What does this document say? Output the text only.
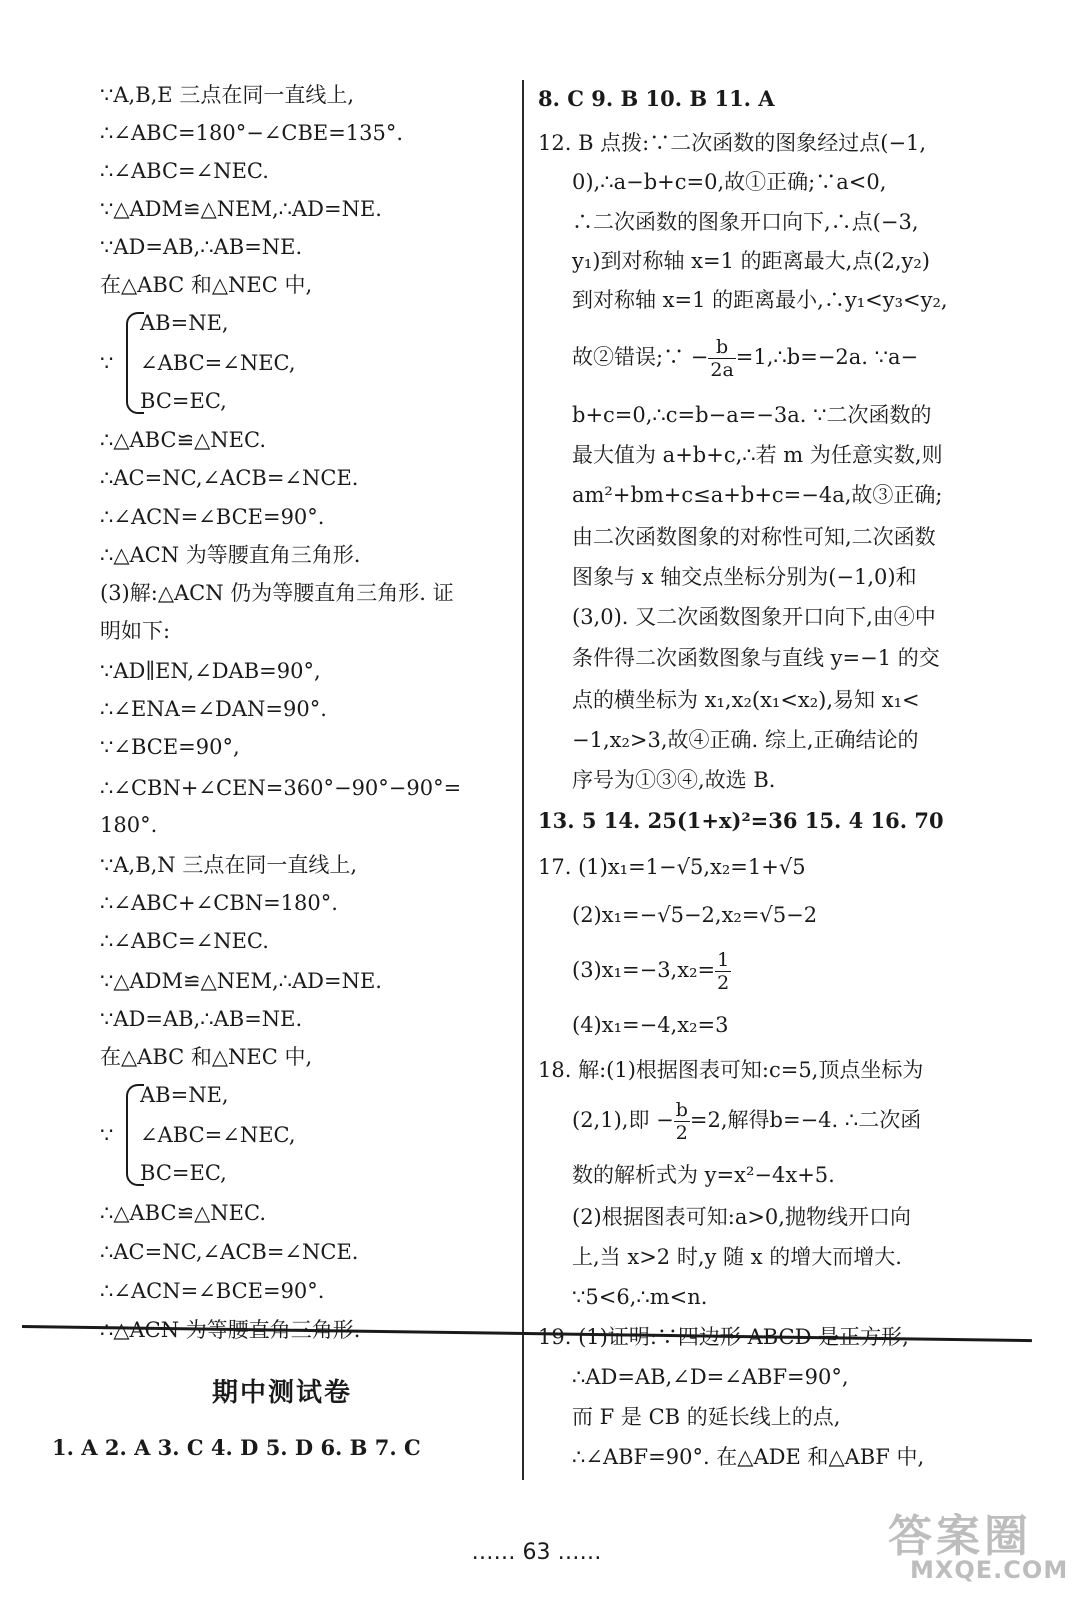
∵A,B,E 三点在同一直线上,
∴∠ABC=180°−∠CBE=135°.
∴∠ABC=∠NEC.
∵△ADM≌△NEM,∴AD=NE.
∵AD=AB,∴AB=NE.
在△ABC 和△NEC 中,
∵
AB=NE,
∠ABC=∠NEC,
BC=EC,
∴△ABC≌△NEC.
∴AC=NC,∠ACB=∠NCE.
∴∠ACN=∠BCE=90°.
∴△ACN 为等腰直角三角形.
(3)解:△ACN 仍为等腰直角三角形. 证
明如下:
∵AD∥EN,∠DAB=90°,
∴∠ENA=∠DAN=90°.
∵∠BCE=90°,
∴∠CBN+∠CEN=360°−90°−90°=
180°.
∵A,B,N 三点在同一直线上,
∴∠ABC+∠CBN=180°.
∴∠ABC=∠NEC.
∵△ADM≌△NEM,∴AD=NE.
∵AD=AB,∴AB=NE.
在△ABC 和△NEC 中,
∵
AB=NE,
∠ABC=∠NEC,
BC=EC,
∴△ABC≌△NEC.
∴AC=NC,∠ACB=∠NCE.
∴∠ACN=∠BCE=90°.
∴△ACN 为等腰直角三角形.
期中测试卷
1. A 2. A 3. C 4. D 5. D 6. B 7. C
8. C 9. B 10. B 11. A
12. B 点拨:∵二次函数的图象经过点(−1,
0),∴a−b+c=0,故①正确;∵a<0,
∴二次函数的图象开口向下,∴点(−3,
y₁)到对称轴 x=1 的距离最大,点(2,y₂)
到对称轴 x=1 的距离最小,∴y₁<y₃<y₂,
故②错误;∵ − $\frac{b}{2a}$ =1,∴b=−2a. ∵a−
b+c=0,∴c=b−a=−3a. ∵二次函数的
最大值为 a+b+c,∴若 m 为任意实数,则
am²+bm+c≤a+b+c=−4a,故③正确;
由二次函数图象的对称性可知,二次函数
图象与 x 轴交点坐标分别为(−1,0)和
(3,0). 又二次函数图象开口向下,由④中
条件得二次函数图象与直线 y=−1 的交
点的横坐标为 x₁,x₂(x₁<x₂),易知 x₁<
−1,x₂>3,故④正确. 综上,正确结论的
序号为①③④,故选 B.
13. 5 14. 25(1+x)²=36 15. 4 16. 70
17. (1)x₁=1−√5,x₂=1+√5
(2)x₁=−√5−2,x₂=√5−2
$(3)x_1=-3,x_2= \frac{1}{2}$
(4)x₁=−4,x₂=3
18. 解:(1)根据图表可知:c=5,顶点坐标为
(2,1),即 − $\frac{b}{2} =2$,解得b=−4. ∴二次函
数的解析式为 y=x²−4x+5.
(2)根据图表可知:a>0,抛物线开口向
上,当 x>2 时,y 随 x 的增大而增大.
∵5<6,∴m<n.
19. (1)证明:∵四边形 ABCD 是正方形,
∴AD=AB,∠D=∠ABF=90°,
而 F 是 CB 的延长线上的点,
∴∠ABF=90°. 在△ADE 和△ABF 中,
…… 63 ……	答案圈
MXQE.COM
